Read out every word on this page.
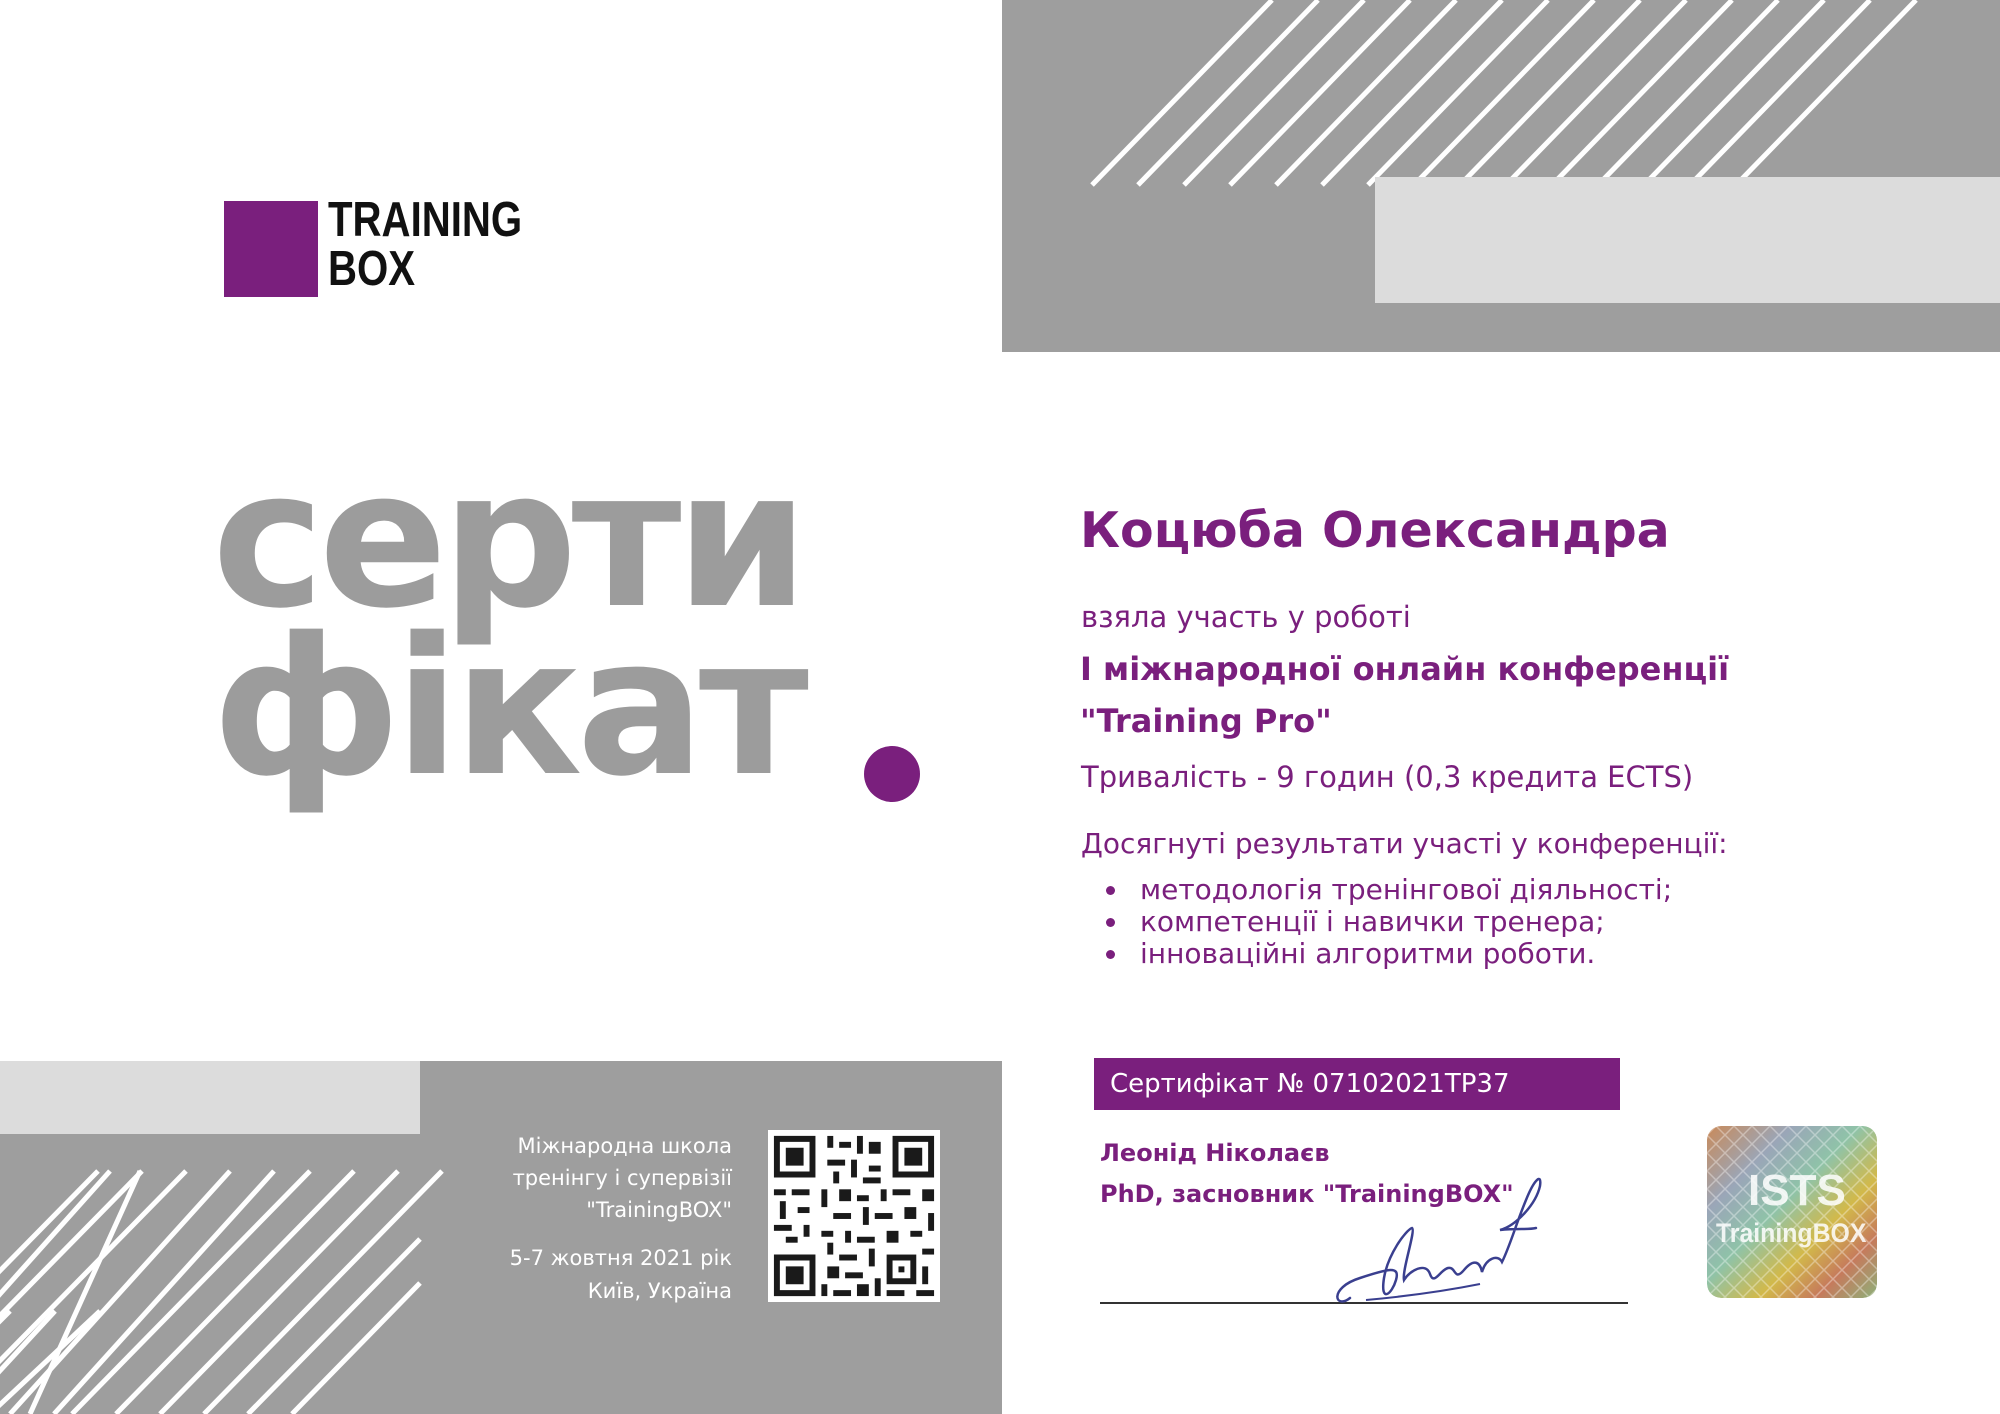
TRAINING
BOX
серти
фікат
Коцюба Олександра
взяла участь у роботі
І міжнародної онлайн конференції
"Training Pro"
Тривалість - 9 годин (0,3 кредита ECTS)
Досягнуті результати участі у конференції:
методологія тренінгової діяльності;
компетенції і навички тренера;
інноваційні алгоритми роботи.
Сертифікат № 07102021ТР37
Леонід Ніколаєв
PhD, засновник "TrainingBOX"	ISTS
TrainingBOX
Міжнародна школа
тренінгу і супервізії
"TrainingBOX"
5-7 жовтня 2021 рік
Київ, Україна
